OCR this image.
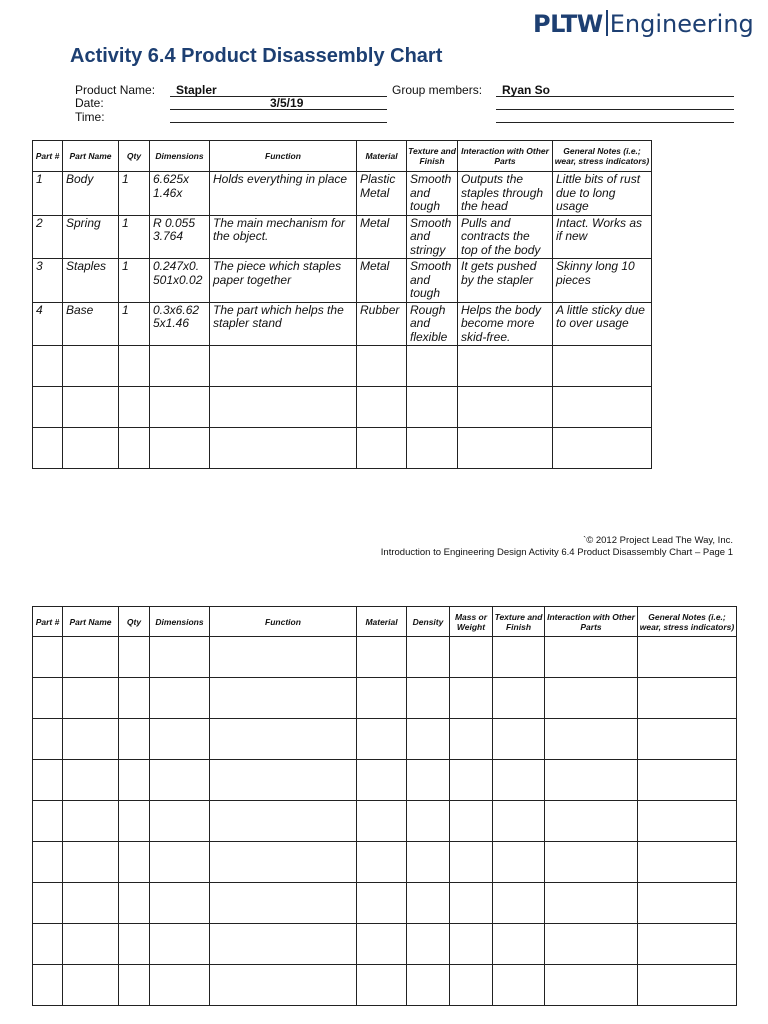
PLTW Engineering
Activity 6.4 Product Disassembly Chart
Product Name: Stapler
Date:	3/5/19
Time:
Group members: Ryan So
Part #	Part Name	Qty	Dimensions	Function	Material	Texture and Finish	Interaction with Other Parts	General Notes (i.e.; wear, stress indicators)
1	Body	1	6.625x 1.46x	Holds everything in place	Plastic Metal	Smooth and tough	Outputs the staples through the head	Little bits of rust due to long usage
2	Spring	1	R 0.055 3.764	The main mechanism for the object.	Metal	Smooth and stringy	Pulls and contracts the top of the body	Intact. Works as if new
3	Staples	1	0.247x0. 501x0.02	The piece which staples paper together	Metal	Smooth and tough	It gets pushed by the stapler	Skinny long 10 pieces
4	Base	1	0.3x6.62 5x1.46	The part which helps the stapler stand	Rubber	Rough and flexible	Helps the body become more skid-free.	A little sticky due to over usage

`© 2012 Project Lead The Way, Inc.
Introduction to Engineering Design Activity 6.4 Product Disassembly Chart – Page 1
Part #	Part Name	Qty	Dimensions	Function	Material	Density	Mass or Weight	Texture and Finish	Interaction with Other Parts	General Notes (i.e.; wear, stress indicators)
